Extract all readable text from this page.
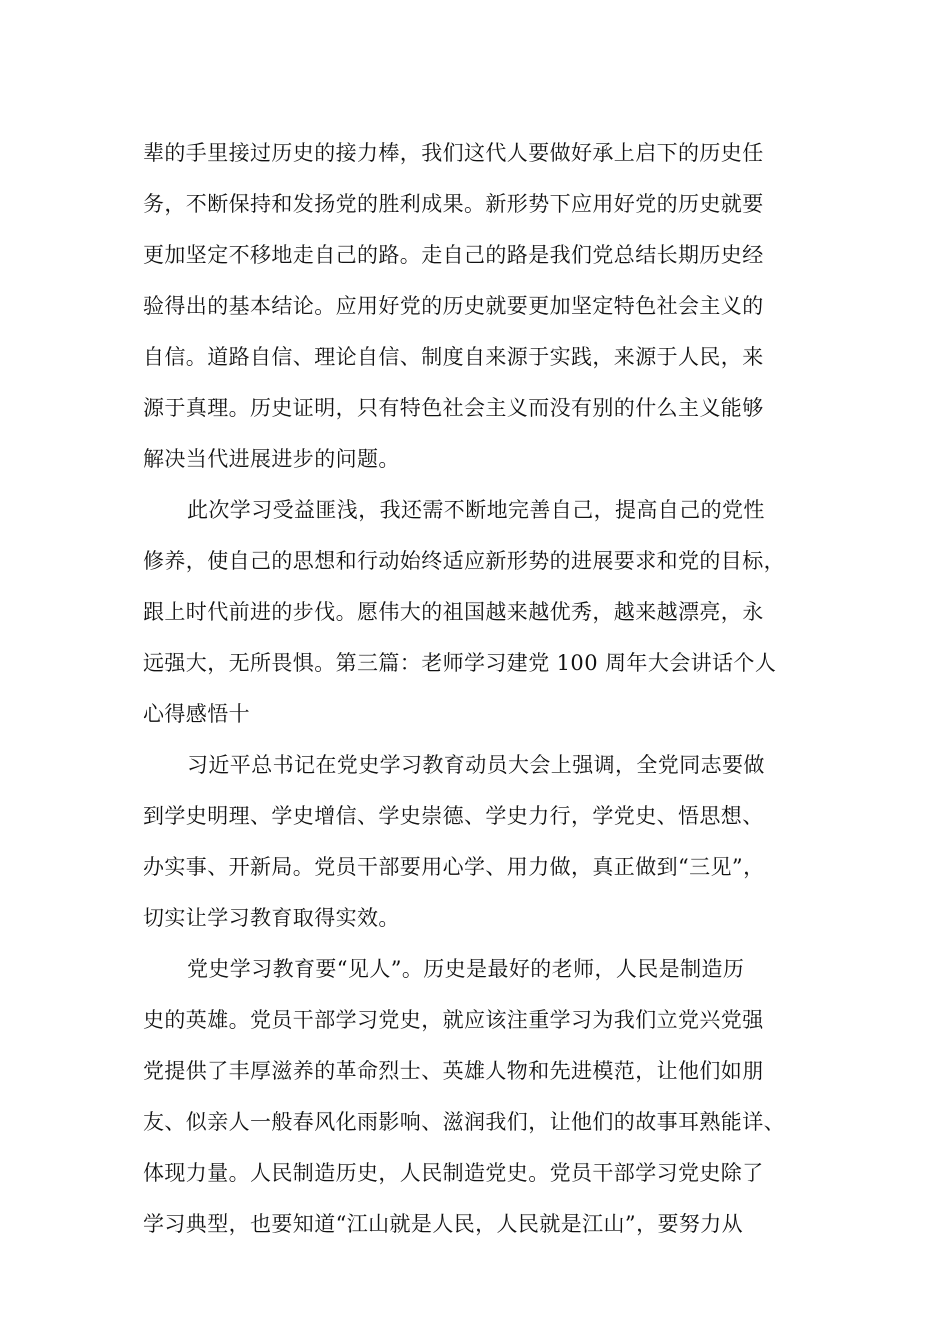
辈的手里接过历史的接力棒，我们这代人要做好承上启下的历史任
务，不断保持和发扬党的胜利成果。新形势下应用好党的历史就要
更加坚定不移地走自己的路。走自己的路是我们党总结长期历史经
验得出的基本结论。应用好党的历史就要更加坚定特色社会主义的
自信。道路自信、理论自信、制度自来源于实践，来源于人民，来
源于真理。历史证明，只有特色社会主义而没有别的什么主义能够
解决当代进展进步的问题。
此次学习受益匪浅，我还需不断地完善自己，提高自己的党性
修养，使自己的思想和行动始终适应新形势的进展要求和党的目标，
跟上时代前进的步伐。愿伟大的祖国越来越优秀，越来越漂亮，永
远强大，无所畏惧。第三篇：老师学习建党 100 周年大会讲话个人
心得感悟十
习近平总书记在党史学习教育动员大会上强调，全党同志要做
到学史明理、学史增信、学史崇德、学史力行，学党史、悟思想、
办实事、开新局。党员干部要用心学、用力做，真正做到“三见”，
切实让学习教育取得实效。
党史学习教育要“见人”。历史是最好的老师，人民是制造历
史的英雄。党员干部学习党史，就应该注重学习为我们立党兴党强
党提供了丰厚滋养的革命烈士、英雄人物和先进模范，让他们如朋
友、似亲人一般春风化雨影响、滋润我们，让他们的故事耳熟能详、
体现力量。人民制造历史，人民制造党史。党员干部学习党史除了
学习典型，也要知道“江山就是人民，人民就是江山”，要努力从
